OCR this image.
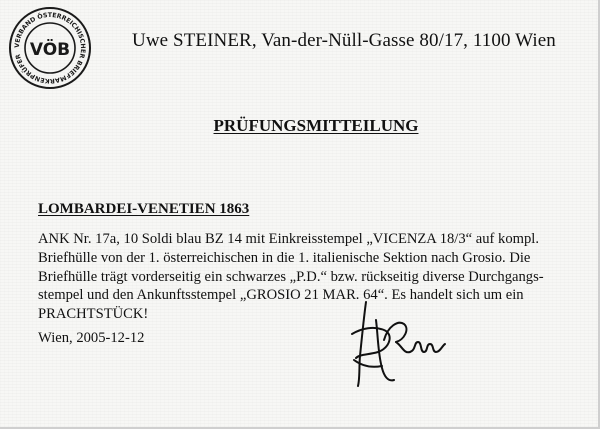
VERBAND ÖSTERREICHISCHER BRIEFMARKENPRÜFER VÖB	Uwe STEINER, Van-der-Nüll-Gasse 80/17, 1100 Wien
PRÜFUNGSMITTEILUNG
LOMBARDEI-VENETIEN 1863
ANK Nr. 17a, 10 Soldi blau BZ 14 mit Einkreisstempel „VICENZA 18/3“ auf kompl.
Briefhülle von der 1. österreichischen in die 1. italienische Sektion nach Grosio. Die
Briefhülle trägt vorderseitig ein schwarzes „P.D.“ bzw. rückseitig diverse Durchgangs-
stempel und den Ankunftsstempel „GROSIO 21 MAR. 64“. Es handelt sich um ein
PRACHTSTÜCK!
Wien, 2005-12-12
